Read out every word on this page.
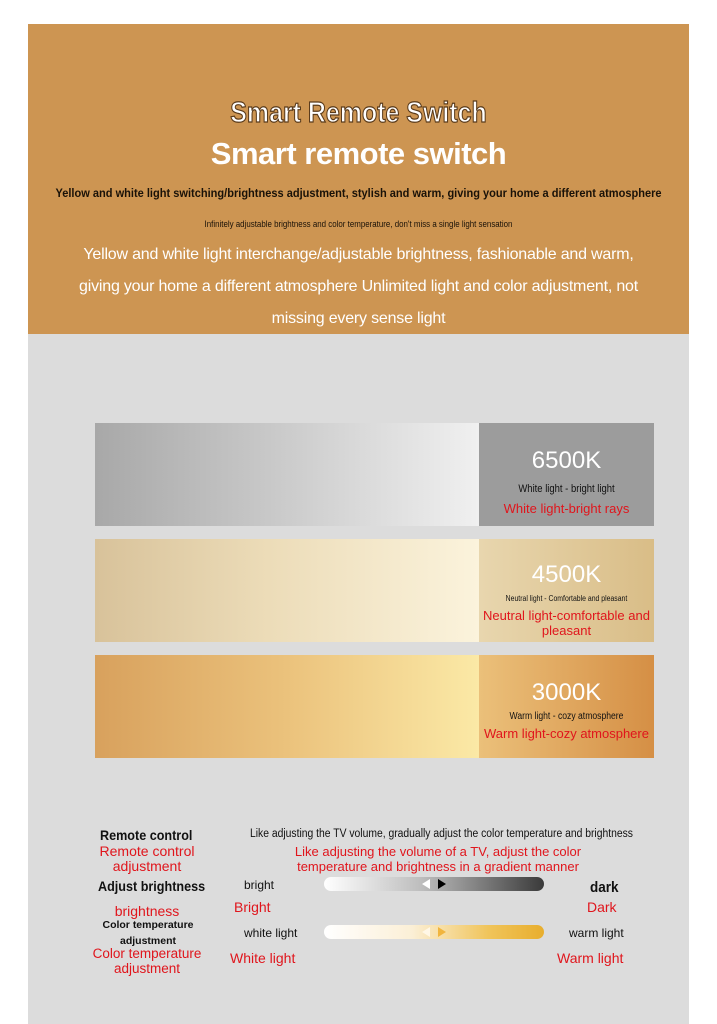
Smart Remote Switch
Smart remote switch
Yellow and white light switching/brightness adjustment, stylish and warm, giving your home a different atmosphere
Infinitely adjustable brightness and color temperature, don't miss a single light sensation
Yellow and white light interchange/adjustable brightness, fashionable and warm, giving your home a different atmosphere Unlimited light and color adjustment, not missing every sense light
6500K
White light - bright light
White light-bright rays
4500K
Neutral light - Comfortable and pleasant
Neutral light-comfortable and pleasant
3000K
Warm light - cozy atmosphere
Warm light-cozy atmosphere
Remote control
Remote control adjustment
Like adjusting the TV volume, gradually adjust the color temperature and brightness
Like adjusting the volume of a TV, adjust the color temperature and brightness in a gradient manner
Adjust brightness
brightness
bright
Bright
dark
Dark
Color temperature adjustment
Color temperature adjustment
white light
White light
warm light
Warm light
